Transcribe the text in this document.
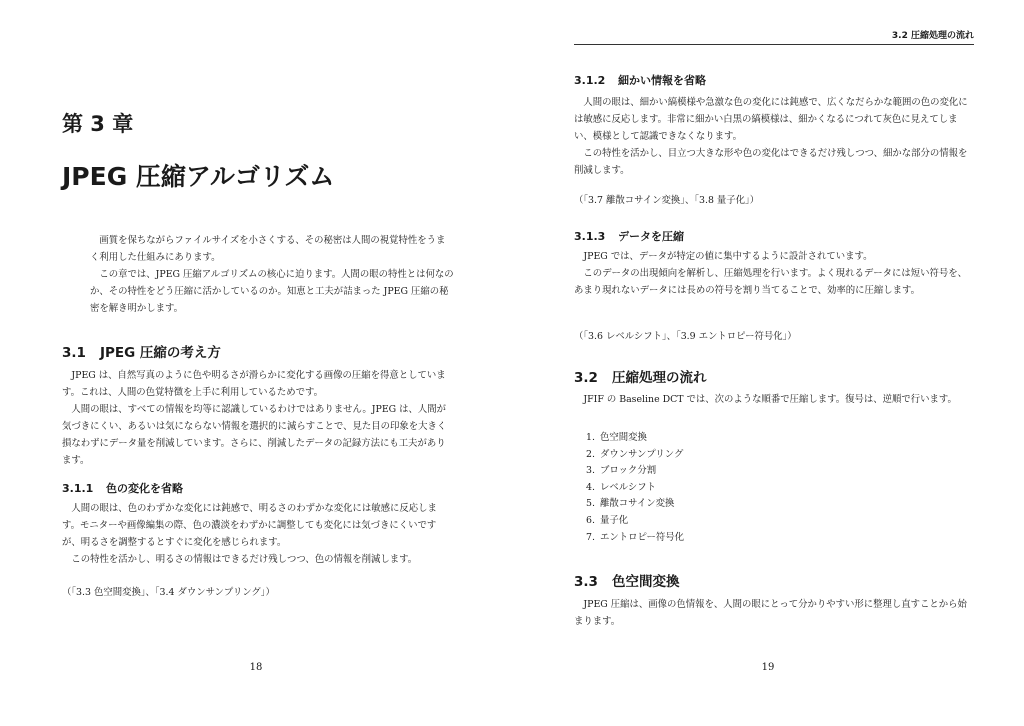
第 3 章
JPEG 圧縮アルゴリズム

画質を保ちながらファイルサイズを小さくする、その秘密は人間の視覚特性をうまく利用した仕組みにあります。

この章では、JPEG 圧縮アルゴリズムの核心に迫ります。人間の眼の特性とは何なのか、その特性をどう圧縮に活かしているのか。知恵と工夫が詰まった JPEG 圧縮の秘密を解き明かします。

3.1 JPEG 圧縮の考え方

JPEG は、自然写真のように色や明るさが滑らかに変化する画像の圧縮を得意としています。これは、人間の色覚特徴を上手に利用しているためです。

人間の眼は、すべての情報を均等に認識しているわけではありません。JPEG は、人間が気づきにくい、あるいは気にならない情報を選択的に減らすことで、見た目の印象を大きく損なわずにデータ量を削減しています。さらに、削減したデータの記録方法にも工夫があります。

3.1.1 色の変化を省略

人間の眼は、色のわずかな変化には鈍感で、明るさのわずかな変化には敏感に反応します。モニターや画像編集の際、色の濃淡をわずかに調整しても変化には気づきにくいですが、明るさを調整するとすぐに変化を感じられます。

この特性を活かし、明るさの情報はできるだけ残しつつ、色の情報を削減します。

（「3.3 色空間変換」、「3.4 ダウンサンプリング」）
18
3.2 圧縮処理の流れ
3.1.2 細かい情報を省略

人間の眼は、細かい縞模様や急激な色の変化には鈍感で、広くなだらかな範囲の色の変化には敏感に反応します。非常に細かい白黒の縞模様は、細かくなるにつれて灰色に見えてしまい、模様として認識できなくなります。

この特性を活かし、目立つ大きな形や色の変化はできるだけ残しつつ、細かな部分の情報を削減します。

（「3.7 離散コサイン変換」、「3.8 量子化」）
3.1.3 データを圧縮

JPEG では、データが特定の値に集中するように設計されています。

このデータの出現傾向を解析し、圧縮処理を行います。よく現れるデータには短い符号を、あまり現れないデータには長めの符号を割り当てることで、効率的に圧縮します。

（「3.6 レベルシフト」、「3.9 エントロピー符号化」）
3.2 圧縮処理の流れ

JFIF の Baseline DCT では、次のような順番で圧縮します。復号は、逆順で行います。

1. 色空間変換
2. ダウンサンプリング
3. ブロック分割
4. レベルシフト
5. 離散コサイン変換
6. 量子化
7. エントロピー符号化
3.3 色空間変換

JPEG 圧縮は、画像の色情報を、人間の眼にとって分かりやすい形に整理し直すことから始まります。

19
